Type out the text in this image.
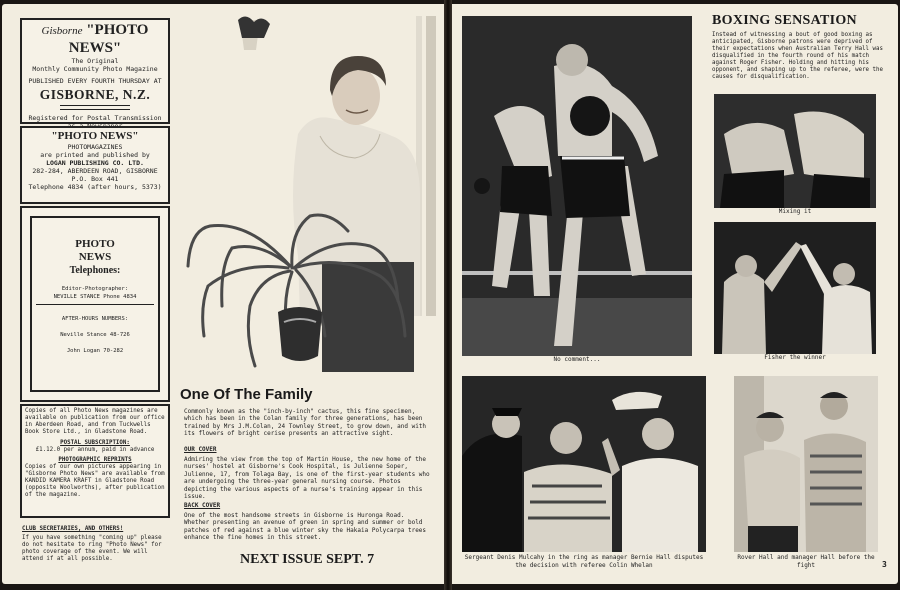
Gisborne "PHOTO NEWS"
The Original
Monthly Community Photo Magazine
PUBLISHED EVERY FOURTH THURSDAY AT
GISBORNE, N.Z.
Registered for Postal Transmission
"PHOTO NEWS"
PHOTOMAGAZINES
are printed and published by
LOGAN PUBLISHING CO. LTD.
282-284, ABERDEEN ROAD, GISBORNE
P.O. Box 441
Telephone 4834 (after hours, 5373)
PHOTO
NEWS
Telephones:
Editor-Photographer:
NEVILLE STANCE Phone 4834
AFTER-HOURS NUMBERS:
Neville Stance 48-726
John Logan 70-282
Copies of all Photo News magazines are available on publication from our office in Aberdeen Road, and from Tuckwells Book Store Ltd., in Gladstone Road.
POSTAL SUBSCRIPTION:
£1.12.0 per annum, paid in advance
PHOTOGRAPHIC REPRINTS
Copies of our own pictures appearing in "Gisborne Photo News" are available from KANDID KAMERA KRAFT in Gladstone Road (opposite Woolworths), after publication of the magazine.
CLUB SECRETARIES, AND OTHERS!
If you have something "coming up" please do not hesitate to ring "Photo News" for photo coverage of the event. We will attend if at all possible.
One Of The Family
Commonly known as the "inch-by-inch" cactus, this fine specimen, which has been in the Colan family for three generations, has been trained by Mrs J.M.Colan, 24 Townley Street, to grow down, and with its flowers of bright cerise presents an attractive sight.
OUR COVER
Admiring the view from the top of Martin House, the new home of the nurses' hostel at Gisborne's Cook Hospital, is Julienne Soper, Julienne, 17, from Tolaga Bay, is one of the first-year students who are undergoing the three-year general nursing course. Photos depicting the various aspects of a nurse's training appear in this issue.
BACK COVER
One of the most handsome streets in Gisborne is Huronga Road. Whether presenting an avenue of green in spring and summer or bold patches of red against a blue winter sky the Hakaia Polycarpa trees enhance the fine homes in this street.
NEXT ISSUE SEPT. 7
No comment...
BOXING SENSATION
Instead of witnessing a bout of good boxing as anticipated, Gisborne patrons were deprived of their expectations when Australian Terry Hall was disqualified in the fourth round of his match against Roger Fisher. Holding and hitting his opponent, and shaping up to the referee, were the causes for disqualification.
Mixing it
Fisher the winner
Sergeant Denis Mulcahy in the ring as manager Bernie Hall disputes the decision with referee Colin Whelan
Rover Hall and manager Hall before the fight	3
